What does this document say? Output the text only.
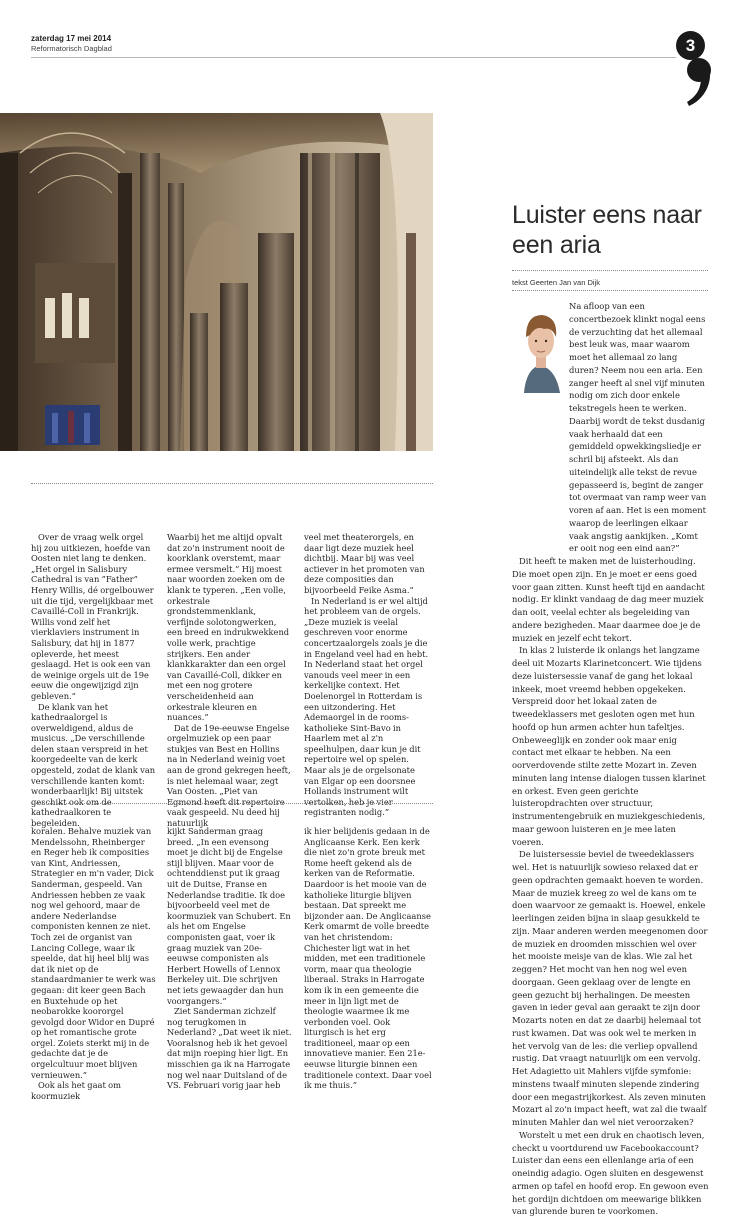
zaterdag 17 mei 2014
Reformatorisch Dagblad	3
Luister eens naar een aria
tekst Geerten Jan van Dijk

Na afloop van een concertbezoek klinkt nogal eens de verzuchting dat het allemaal best leuk was, maar waarom moet het allemaal zo lang duren? Neem nou een aria. Een zanger heeft al snel vijf minuten nodig om zich door enkele tekstregels heen te werken. Daarbij wordt de tekst dusdanig vaak herhaald dat een gemiddeld opwekkingsliedje er schril bij afsteekt. Als dan uiteindelijk alle tekst de revue gepasseerd is, begint de zanger tot overmaat van ramp weer van voren af aan. Het is een moment waarop de leerlingen elkaar vaak angstig aankijken. „Komt er ooit nog een eind aan?”

Dit heeft te maken met de luisterhouding. Die moet open zijn. En je moet er eens goed voor gaan zitten. Kunst heeft tijd en aandacht nodig. Er klinkt vandaag de dag meer muziek dan ooit, veelal echter als begeleiding van andere bezigheden. Maar daarmee doe je de muziek en jezelf echt tekort.

In klas 2 luisterde ik onlangs het langzame deel uit Mozarts Klarinetconcert. Wie tijdens deze luistersessie vanaf de gang het lokaal inkeek, moet vreemd hebben opgekeken. Verspreid door het lokaal zaten de tweedeklassers met gesloten ogen met hun hoofd op hun armen achter hun tafeltjes. Onbeweeglijk en zonder ook maar enig contact met elkaar te hebben. Na een oorverdovende stilte zette Mozart in. Zeven minuten lang intense dialogen tussen klarinet en orkest. Even geen gerichte luisteropdrachten over structuur, instrumentengebruik en muziekgeschiedenis, maar gewoon luisteren en je mee laten voeren.

De luistersessie beviel de tweedeklassers wel. Het is natuurlijk sowieso relaxed dat er geen opdrachten gemaakt hoeven te worden. Maar de muziek kreeg zo wel de kans om te doen waarvoor ze gemaakt is. Hoewel, enkele leerlingen zeiden bijna in slaap gesukkeld te zijn. Maar anderen werden meegenomen door de muziek en droomden misschien wel over het mooiste meisje van de klas. Wie zal het zeggen? Het mocht van hen nog wel even doorgaan. Geen geklaag over de lengte en geen gezucht bij herhalingen. De meesten gaven in ieder geval aan geraakt te zijn door Mozarts noten en dat ze daarbij helemaal tot rust kwamen. Dat was ook wel te merken in het vervolg van de les: die verliep opvallend rustig. Dat vraagt natuurlijk om een vervolg. Het Adagietto uit Mahlers vijfde symfonie: minstens twaalf minuten slepende zindering door een megastrijkorkest. Als zeven minuten Mozart al zo'n impact heeft, wat zal die twaalf minuten Mahler dan wel niet veroorzaken?

Worstelt u met een druk en chaotisch leven, checkt u voortdurend uw Facebookaccount? Luister dan eens een ellenlange aria of een oneindig adagio. Ogen sluiten en desgewenst armen op tafel en hoofd erop. En gewoon even het gordijn dichtdoen om meewarige blikken van glurende buren te voorkomen.

Over de vraag welk orgel hij zou uitkiezen, hoefde van Oosten niet lang te denken. „Het orgel in Salisbury Cathedral is van ”Father” Henry Willis, dé orgelbouwer uit die tijd, vergelijkbaar met Cavaillé-Coll in Frankrijk. Willis vond zelf het vierklaviers instrument in Salisbury, dat hij in 1877 opleverde, het meest geslaagd. Het is ook een van de weinige orgels uit de 19e eeuw die ongewijzigd zijn gebleven.”

De klank van het kathedraalorgel is overweldigend, aldus de musicus. „De verschillende delen staan verspreid in het koorgedeelte van de kerk opgesteld, zodat de klank van verschillende kanten komt: wonderbaarlijk! Bij uitstek geschikt ook om de kathedraalkoren te begeleiden.

Waarbij het me altijd opvalt dat zo'n instrument nooit de koorklank overstemt, maar ermee versmelt.” Hij moest naar woorden zoeken om de klank te typeren. „Een volle, orkestrale grondstemmenklank, verfijnde solotongwerken, een breed en indrukwekkend volle werk, prachtige strijkers. Een ander klankkarakter dan een orgel van Cavaillé-Coll, dikker en met een nog grotere verscheidenheid aan orkestrale kleuren en nuances.”

Dat de 19e-eeuwse Engelse orgelmuziek op een paar stukjes van Best en Hollins na in Nederland weinig voet aan de grond gekregen heeft, is niet helemaal waar, zegt Van Oosten. „Piet van Egmond heeft dit repertoire vaak gespeeld. Nu deed hij natuurlijk

veel met theaterorgels, en daar ligt deze muziek heel dichtbij. Maar bij was veel actiever in het promoten van deze composities dan bijvoorbeeld Feike Asma.”

In Nederland is er wel altijd het probleem van de orgels. „Deze muziek is veelal geschreven voor enorme concertzaalorgels zoals je die in Engeland veel had en hebt. In Nederland staat het orgel vanouds veel meer in een kerkelijke context. Het Doelenorgel in Rotterdam is een uitzondering. Het Ademaorgel in de rooms-katholieke Sint-Bavo in Haarlem met al z'n speelhulpen, daar kun je dit repertoire wel op spelen. Maar als je de orgelsonate van Elgar op een doorsnee Hollands instrument wilt vertolken, heb je vier registranten nodig.”

koralen. Behalve muziek van Mendelssohn, Rheinberger en Reger heb ik composities van Kint, Andriessen, Strategier en m'n vader, Dick Sanderman, gespeeld. Van Andriessen hebben ze vaak nog wel gehoord, maar de andere Nederlandse componisten kennen ze niet. Toch zei de organist van Lancing College, waar ik speelde, dat hij heel blij was dat ik niet op de standaardmanier te werk was gegaan: dit keer geen Bach en Buxtehude op het neobarokke koororgel gevolgd door Widor en Dupré op het romantische grote orgel. Zoiets sterkt mij in de gedachte dat je de orgelcultuur moet blijven vernieuwen.”

Ook als het gaat om koormuziek

kijkt Sanderman graag breed. „In een evensong moet je dicht bij de Engelse stijl blijven. Maar voor de ochtenddienst put ik graag uit de Duitse, Franse en Nederlandse traditie. Ik doe bijvoorbeeld veel met de koormuziek van Schubert. En als het om Engelse componisten gaat, voer ik graag muziek van 20e-eeuwse componisten als Herbert Howells of Lennox Berkeley uit. Die schrijven net iets gewaagder dan hun voorgangers.”

Ziet Sanderman zichzelf nog terugkomen in Nederland? „Dat weet ik niet. Vooralsnog heb ik het gevoel dat mijn roeping hier ligt. En misschien ga ik na Harrogate nog wel naar Duitsland of de VS. Februari vorig jaar heb

ik hier belijdenis gedaan in de Anglicaanse Kerk. Een kerk die niet zo'n grote breuk met Rome heeft gekend als de kerken van de Reformatie. Daardoor is het mooie van de katholieke liturgie blijven bestaan. Dat spreekt me bijzonder aan. De Anglicaanse Kerk omarmt de volle breedte van het christendom: Chichester ligt wat in het midden, met een traditionele vorm, maar qua theologie liberaal. Straks in Harrogate kom ik in een gemeente die meer in lijn ligt met de theologie waarmee ik me verbonden voel. Ook liturgisch is het erg traditioneel, maar op een innovatieve manier. Een 21e-eeuwse liturgie binnen een traditionele context. Daar voel ik me thuis.”
